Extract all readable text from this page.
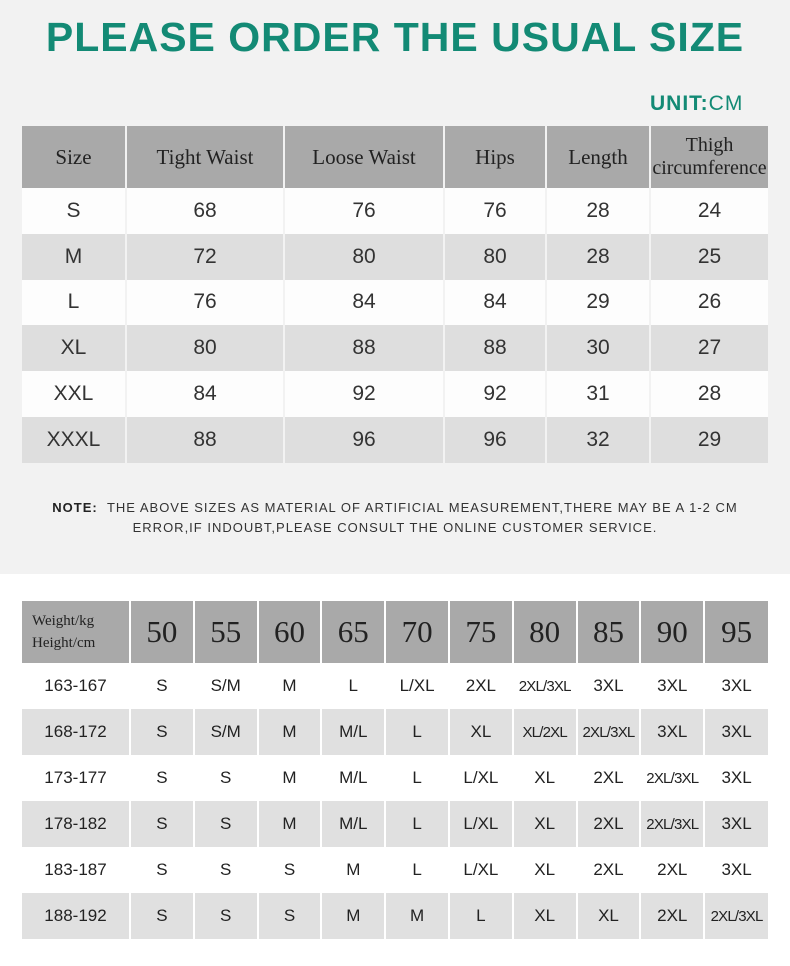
PLEASE ORDER THE USUAL SIZE
UNIT:CM
Size	Tight Waist	Loose Waist	Hips	Length	Thigh circumference
S	68	76	76	28	24
M	72	80	80	28	25
L	76	84	84	29	26
XL	80	88	88	30	27
XXL	84	92	92	31	28
XXXL	88	96	96	32	29
NOTE: THE ABOVE SIZES AS MATERIAL OF ARTIFICIAL MEASUREMENT,THERE MAY BE A 1-2 CM
ERROR,IF INDOUBT,PLEASE CONSULT THE ONLINE CUSTOMER SERVICE.
Weight/kg
Height/cm	50	55	60	65	70	75	80	85	90	95
163-167	S	S/M	M	L	L/XL	2XL	2XL/3XL	3XL	3XL	3XL
168-172	S	S/M	M	M/L	L	XL	XL/2XL	2XL/3XL	3XL	3XL
173-177	S	S	M	M/L	L	L/XL	XL	2XL	2XL/3XL	3XL
178-182	S	S	M	M/L	L	L/XL	XL	2XL	2XL/3XL	3XL
183-187	S	S	S	M	L	L/XL	XL	2XL	2XL	3XL
188-192	S	S	S	M	M	L	XL	XL	2XL	2XL/3XL
